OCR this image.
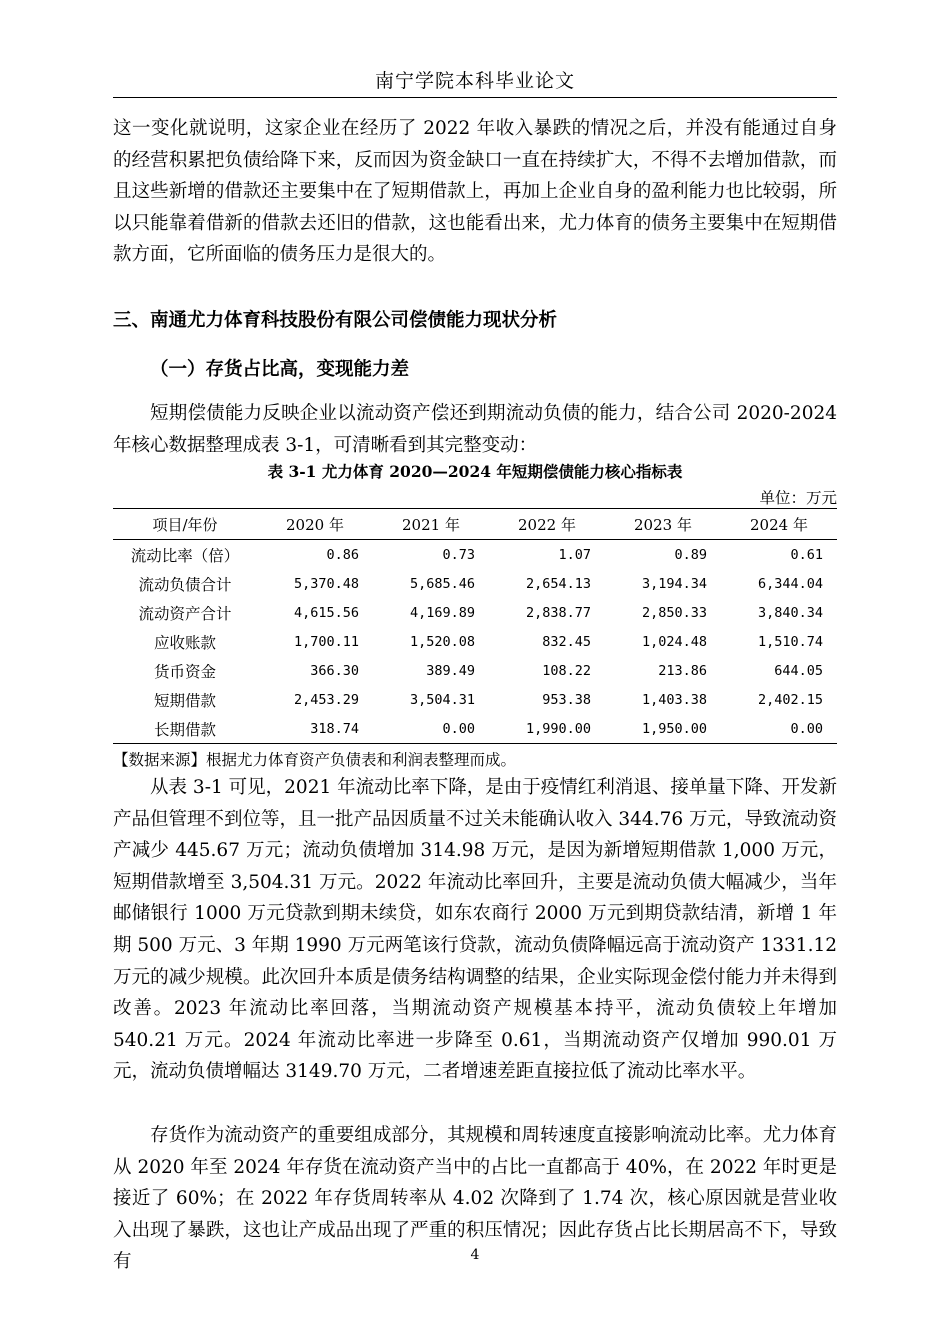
南宁学院本科毕业论文

这一变化就说明，这家企业在经历了 2022 年收入暴跌的情况之后，并没有能通过自身的经营积累把负债给降下来，反而因为资金缺口一直在持续扩大，不得不去增加借款，而且这些新增的借款还主要集中在了短期借款上，再加上企业自身的盈利能力也比较弱，所以只能靠着借新的借款去还旧的借款，这也能看出来，尤力体育的债务主要集中在短期借款方面，它所面临的债务压力是很大的。

三、南通尤力体育科技股份有限公司偿债能力现状分析
（一）存货占比高，变现能力差

短期偿债能力反映企业以流动资产偿还到期流动负债的能力，结合公司 2020-2024 年核心数据整理成表 3-1，可清晰看到其完整变动：

表 3-1 尤力体育 2020—2024 年短期偿债能力核心指标表
单位：万元
项目/年份	2020 年	2021 年	2022 年	2023 年	2024 年
流动比率（倍）	0.86	0.73	1.07	0.89	0.61
流动负债合计	5,370.48	5,685.46	2,654.13	3,194.34	6,344.04
流动资产合计	4,615.56	4,169.89	2,838.77	2,850.33	3,840.34
应收账款	1,700.11	1,520.08	832.45	1,024.48	1,510.74
货币资金	366.30	389.49	108.22	213.86	644.05
短期借款	2,453.29	3,504.31	953.38	1,403.38	2,402.15
长期借款	318.74	0.00	1,990.00	1,950.00	0.00
【数据来源】根据尤力体育资产负债表和利润表整理而成。

从表 3-1 可见，2021 年流动比率下降，是由于疫情红利消退、接单量下降、开发新产品但管理不到位等，且一批产品因质量不过关未能确认收入 344.76 万元，导致流动资产减少 445.67 万元；流动负债增加 314.98 万元，是因为新增短期借款 1,000 万元，短期借款增至 3,504.31 万元。2022 年流动比率回升，主要是流动负债大幅减少，当年邮储银行 1000 万元贷款到期未续贷，如东农商行 2000 万元到期贷款结清，新增 1 年期 500 万元、3 年期 1990 万元两笔该行贷款，流动负债降幅远高于流动资产 1331.12 万元的减少规模。此次回升本质是债务结构调整的结果，企业实际现金偿付能力并未得到改善。2023 年流动比率回落，当期流动资产规模基本持平，流动负债较上年增加 540.21 万元。2024 年流动比率进一步降至 0.61，当期流动资产仅增加 990.01 万元，流动负债增幅达 3149.70 万元，二者增速差距直接拉低了流动比率水平。

存货作为流动资产的重要组成部分，其规模和周转速度直接影响流动比率。尤力体育从 2020 年至 2024 年存货在流动资产当中的占比一直都高于 40%，在 2022 年时更是接近了 60%；在 2022 年存货周转率从 4.02 次降到了 1.74 次，核心原因就是营业收入出现了暴跌，这也让产成品出现了严重的积压情况；因此存货占比长期居高不下，导致有	4
